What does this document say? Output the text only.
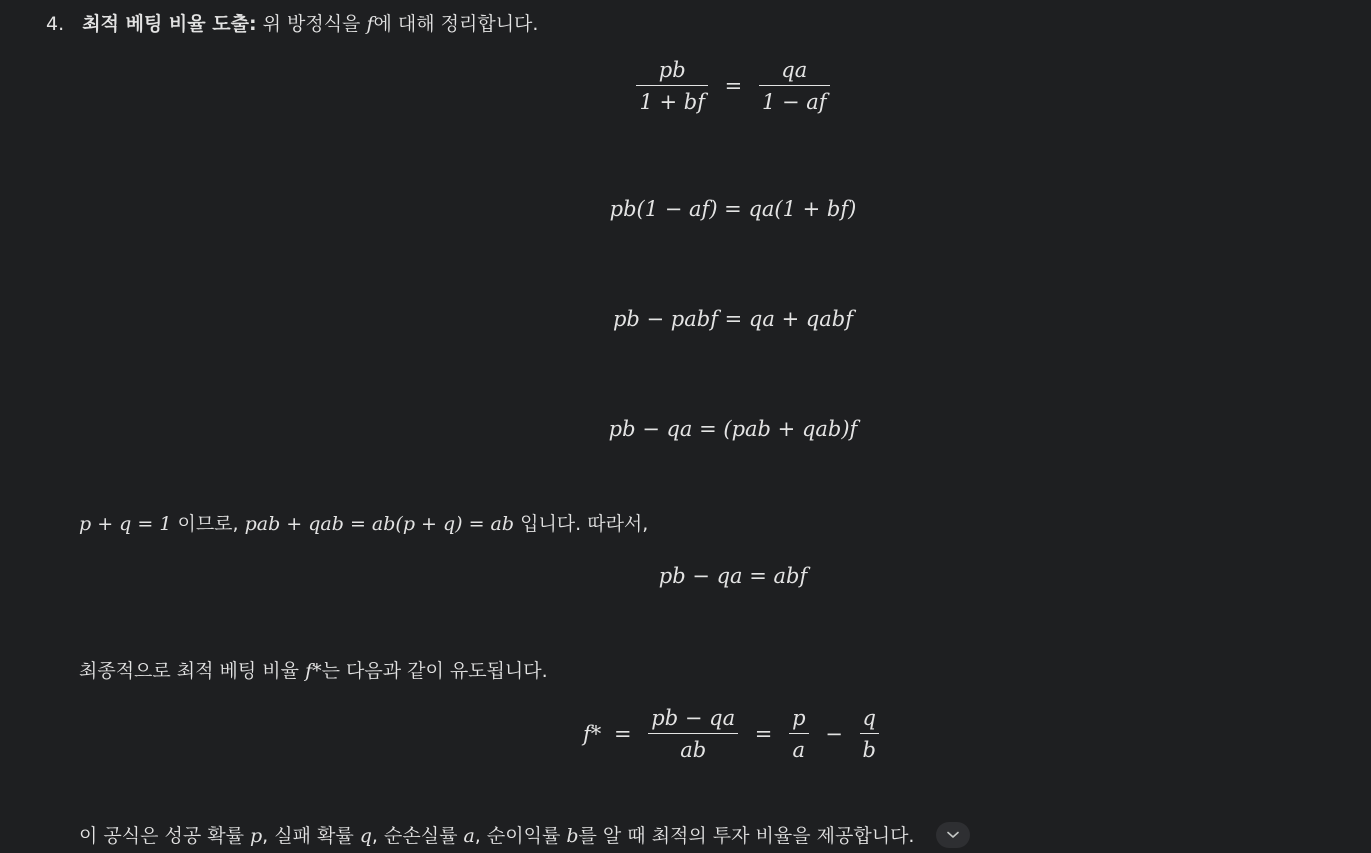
4. 최적 베팅 비율 도출: 위 방정식을 f에 대해 정리합니다.
$\frac{pb}{1 + bf} = \frac{qa}{1 - af}$
pb(1 − af) = qa(1 + bf)
pb − pabf = qa + qabf
pb − qa = (pab + qab)f
p + q = 1 이므로, pab + qab = ab(p + q) = ab 입니다. 따라서,
pb − qa = abf
최종적으로 최적 베팅 비율 f*는 다음과 같이 유도됩니다.
$f* = \frac{pb - qa}{ab} = \frac{p}{a} - \frac{q}{b}$
이 공식은 성공 확률 p, 실패 확률 q, 순손실률 a, 순이익률 b를 알 때 최적의 투자 비율을 제공합니다.
